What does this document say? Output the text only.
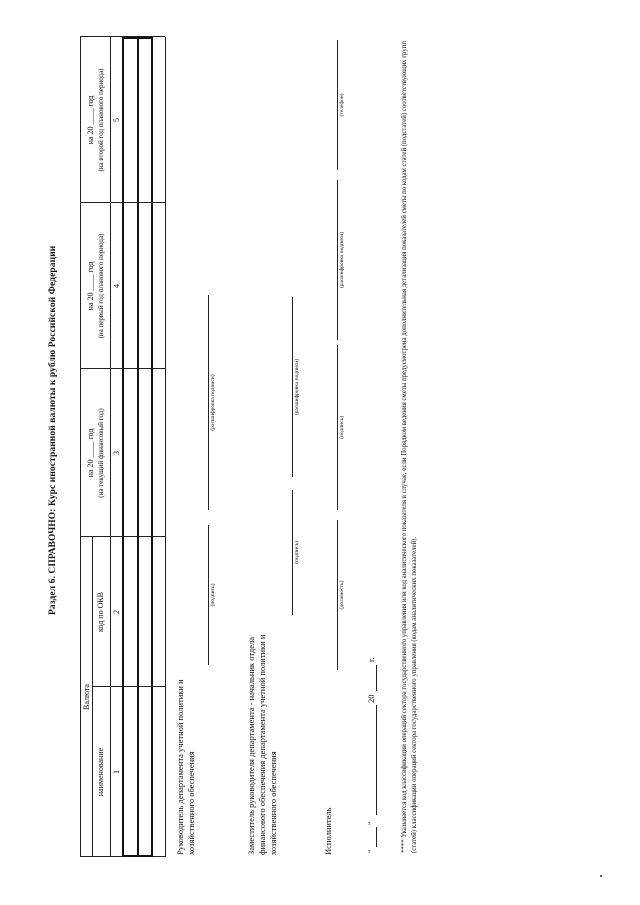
Раздел 6. СПРАВОЧНО: Курс иностранной валюты к рублю Российской Федерации
Валюта
наименование
код по ОКВ
на 20 ____ год (на текущий финансовый год)
на 20 ____ год (на первый год планового периода)
на 20 ____ год (на второй год планового периода)
1
2
3
4
5
Руководитель департамента учетной политики и хозяйственного обеспечения
(подпись)
(расшифровка подписи)
Заместитель руководителя департамента - начальник отдела финансового обеспечения департамента учетной политики и хозяйственного обеспечения
(подпись)
(расшифровка подписи)
Исполнитель
(должность)
(подпись)
(расшифровка подписи)
(телефон)
"
"
20
г.	**** Указывается код классификации операций сектора государственного управления или код аналитического показателя в случае, если Порядком ведения сметы предусмотрена дополнительная детализация показателей сметы по кодам статей (подстатей) соответствующих групп (статей) классификации операций сектора государственного управления (кодам аналитических показателей).
